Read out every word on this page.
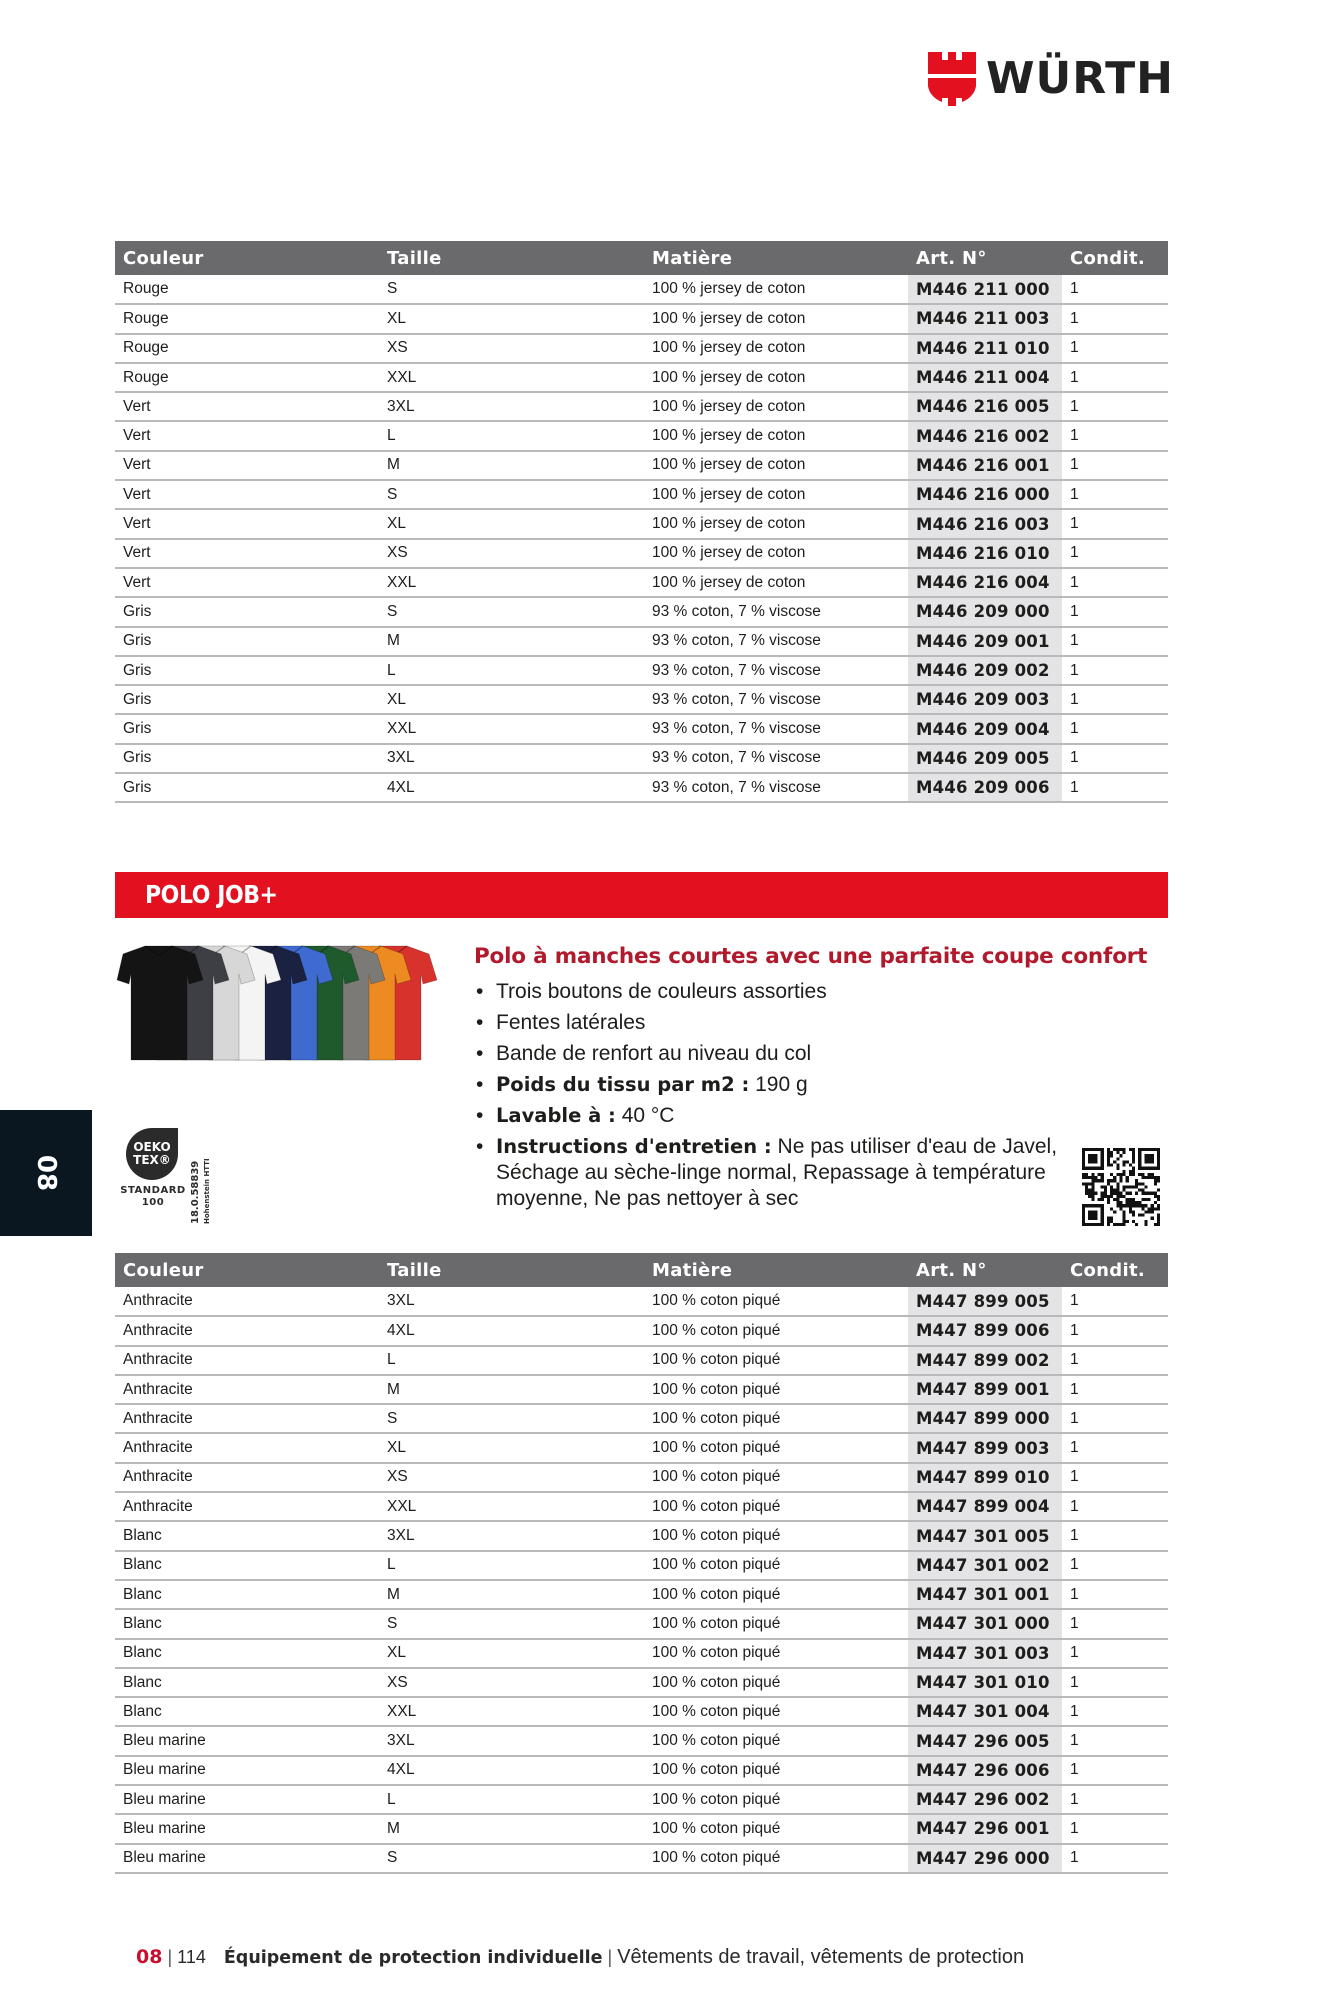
WÜRTH
Couleur	Taille	Matière	Art. N°	Condit.
Rouge	S	100 % jersey de coton	M446 211 000	1
Rouge	XL	100 % jersey de coton	M446 211 003	1
Rouge	XS	100 % jersey de coton	M446 211 010	1
Rouge	XXL	100 % jersey de coton	M446 211 004	1
Vert	3XL	100 % jersey de coton	M446 216 005	1
Vert	L	100 % jersey de coton	M446 216 002	1
Vert	M	100 % jersey de coton	M446 216 001	1
Vert	S	100 % jersey de coton	M446 216 000	1
Vert	XL	100 % jersey de coton	M446 216 003	1
Vert	XS	100 % jersey de coton	M446 216 010	1
Vert	XXL	100 % jersey de coton	M446 216 004	1
Gris	S	93 % coton, 7 % viscose	M446 209 000	1
Gris	M	93 % coton, 7 % viscose	M446 209 001	1
Gris	L	93 % coton, 7 % viscose	M446 209 002	1
Gris	XL	93 % coton, 7 % viscose	M446 209 003	1
Gris	XXL	93 % coton, 7 % viscose	M446 209 004	1
Gris	3XL	93 % coton, 7 % viscose	M446 209 005	1
Gris	4XL	93 % coton, 7 % viscose	M446 209 006	1
POLO JOB+
Polo à manches courtes avec une parfaite coupe confort
• Trois boutons de couleurs assorties
• Fentes latérales
• Bande de renfort au niveau du col
• Poids du tissu par m2 : 190 g
• Lavable à : 40 °C
• Instructions d'entretien : Ne pas utiliser d'eau de Javel, Séchage au sèche-linge normal, Repassage à température moyenne, Ne pas nettoyer à sec
08
OEKO
TEX®
STANDARD
100	18.0.58839 Hohenstein HTTI
Couleur	Taille	Matière	Art. N°	Condit.
Anthracite	3XL	100 % coton piqué	M447 899 005	1
Anthracite	4XL	100 % coton piqué	M447 899 006	1
Anthracite	L	100 % coton piqué	M447 899 002	1
Anthracite	M	100 % coton piqué	M447 899 001	1
Anthracite	S	100 % coton piqué	M447 899 000	1
Anthracite	XL	100 % coton piqué	M447 899 003	1
Anthracite	XS	100 % coton piqué	M447 899 010	1
Anthracite	XXL	100 % coton piqué	M447 899 004	1
Blanc	3XL	100 % coton piqué	M447 301 005	1
Blanc	L	100 % coton piqué	M447 301 002	1
Blanc	M	100 % coton piqué	M447 301 001	1
Blanc	S	100 % coton piqué	M447 301 000	1
Blanc	XL	100 % coton piqué	M447 301 003	1
Blanc	XS	100 % coton piqué	M447 301 010	1
Blanc	XXL	100 % coton piqué	M447 301 004	1
Bleu marine	3XL	100 % coton piqué	M447 296 005	1
Bleu marine	4XL	100 % coton piqué	M447 296 006	1
Bleu marine	L	100 % coton piqué	M447 296 002	1
Bleu marine	M	100 % coton piqué	M447 296 001	1
Bleu marine	S	100 % coton piqué	M447 296 000	1
08 | 114 Équipement de protection individuelle | Vêtements de travail, vêtements de protection
